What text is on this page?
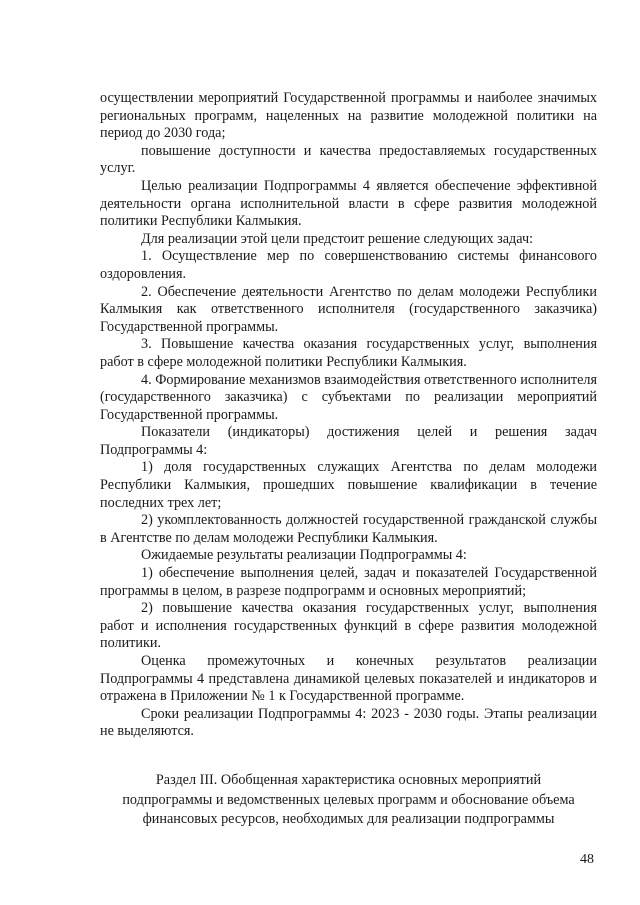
осуществлении мероприятий Государственной программы и наиболее значимых региональных программ, нацеленных на развитие молодежной политики на период до 2030 года;

повышение доступности и качества предоставляемых государственных услуг.

Целью реализации Подпрограммы 4 является обеспечение эффективной деятельности органа исполнительной власти в сфере развития молодежной политики Республики Калмыкия.

Для реализации этой цели предстоит решение следующих задач:

1. Осуществление мер по совершенствованию системы финансового оздоровления.

2. Обеспечение деятельности Агентство по делам молодежи Республики Калмыкия как ответственного исполнителя (государственного заказчика) Государственной программы.

3. Повышение качества оказания государственных услуг, выполнения работ в сфере молодежной политики Республики Калмыкия.

4. Формирование механизмов взаимодействия ответственного исполнителя (государственного заказчика) с субъектами по реализации мероприятий Государственной программы.

Показатели (индикаторы) достижения целей и решения задач Подпрограммы 4:

1) доля государственных служащих Агентства по делам молодежи Республики Калмыкия, прошедших повышение квалификации в течение последних трех лет;

2) укомплектованность должностей государственной гражданской службы в Агентстве по делам молодежи Республики Калмыкия.

Ожидаемые результаты реализации Подпрограммы 4:

1) обеспечение выполнения целей, задач и показателей Государственной программы в целом, в разрезе подпрограмм и основных мероприятий;

2) повышение качества оказания государственных услуг, выполнения работ и исполнения государственных функций в сфере развития молодежной политики.

Оценка промежуточных и конечных результатов реализации Подпрограммы 4 представлена динамикой целевых показателей и индикаторов и отражена в Приложении № 1 к Государственной программе.

Сроки реализации Подпрограммы 4: 2023 - 2030 годы. Этапы реализации не выделяются.

Раздел III. Обобщенная характеристика основных мероприятий
подпрограммы и ведомственных целевых программ и обоснование объема
финансовых ресурсов, необходимых для реализации подпрограммы
48
